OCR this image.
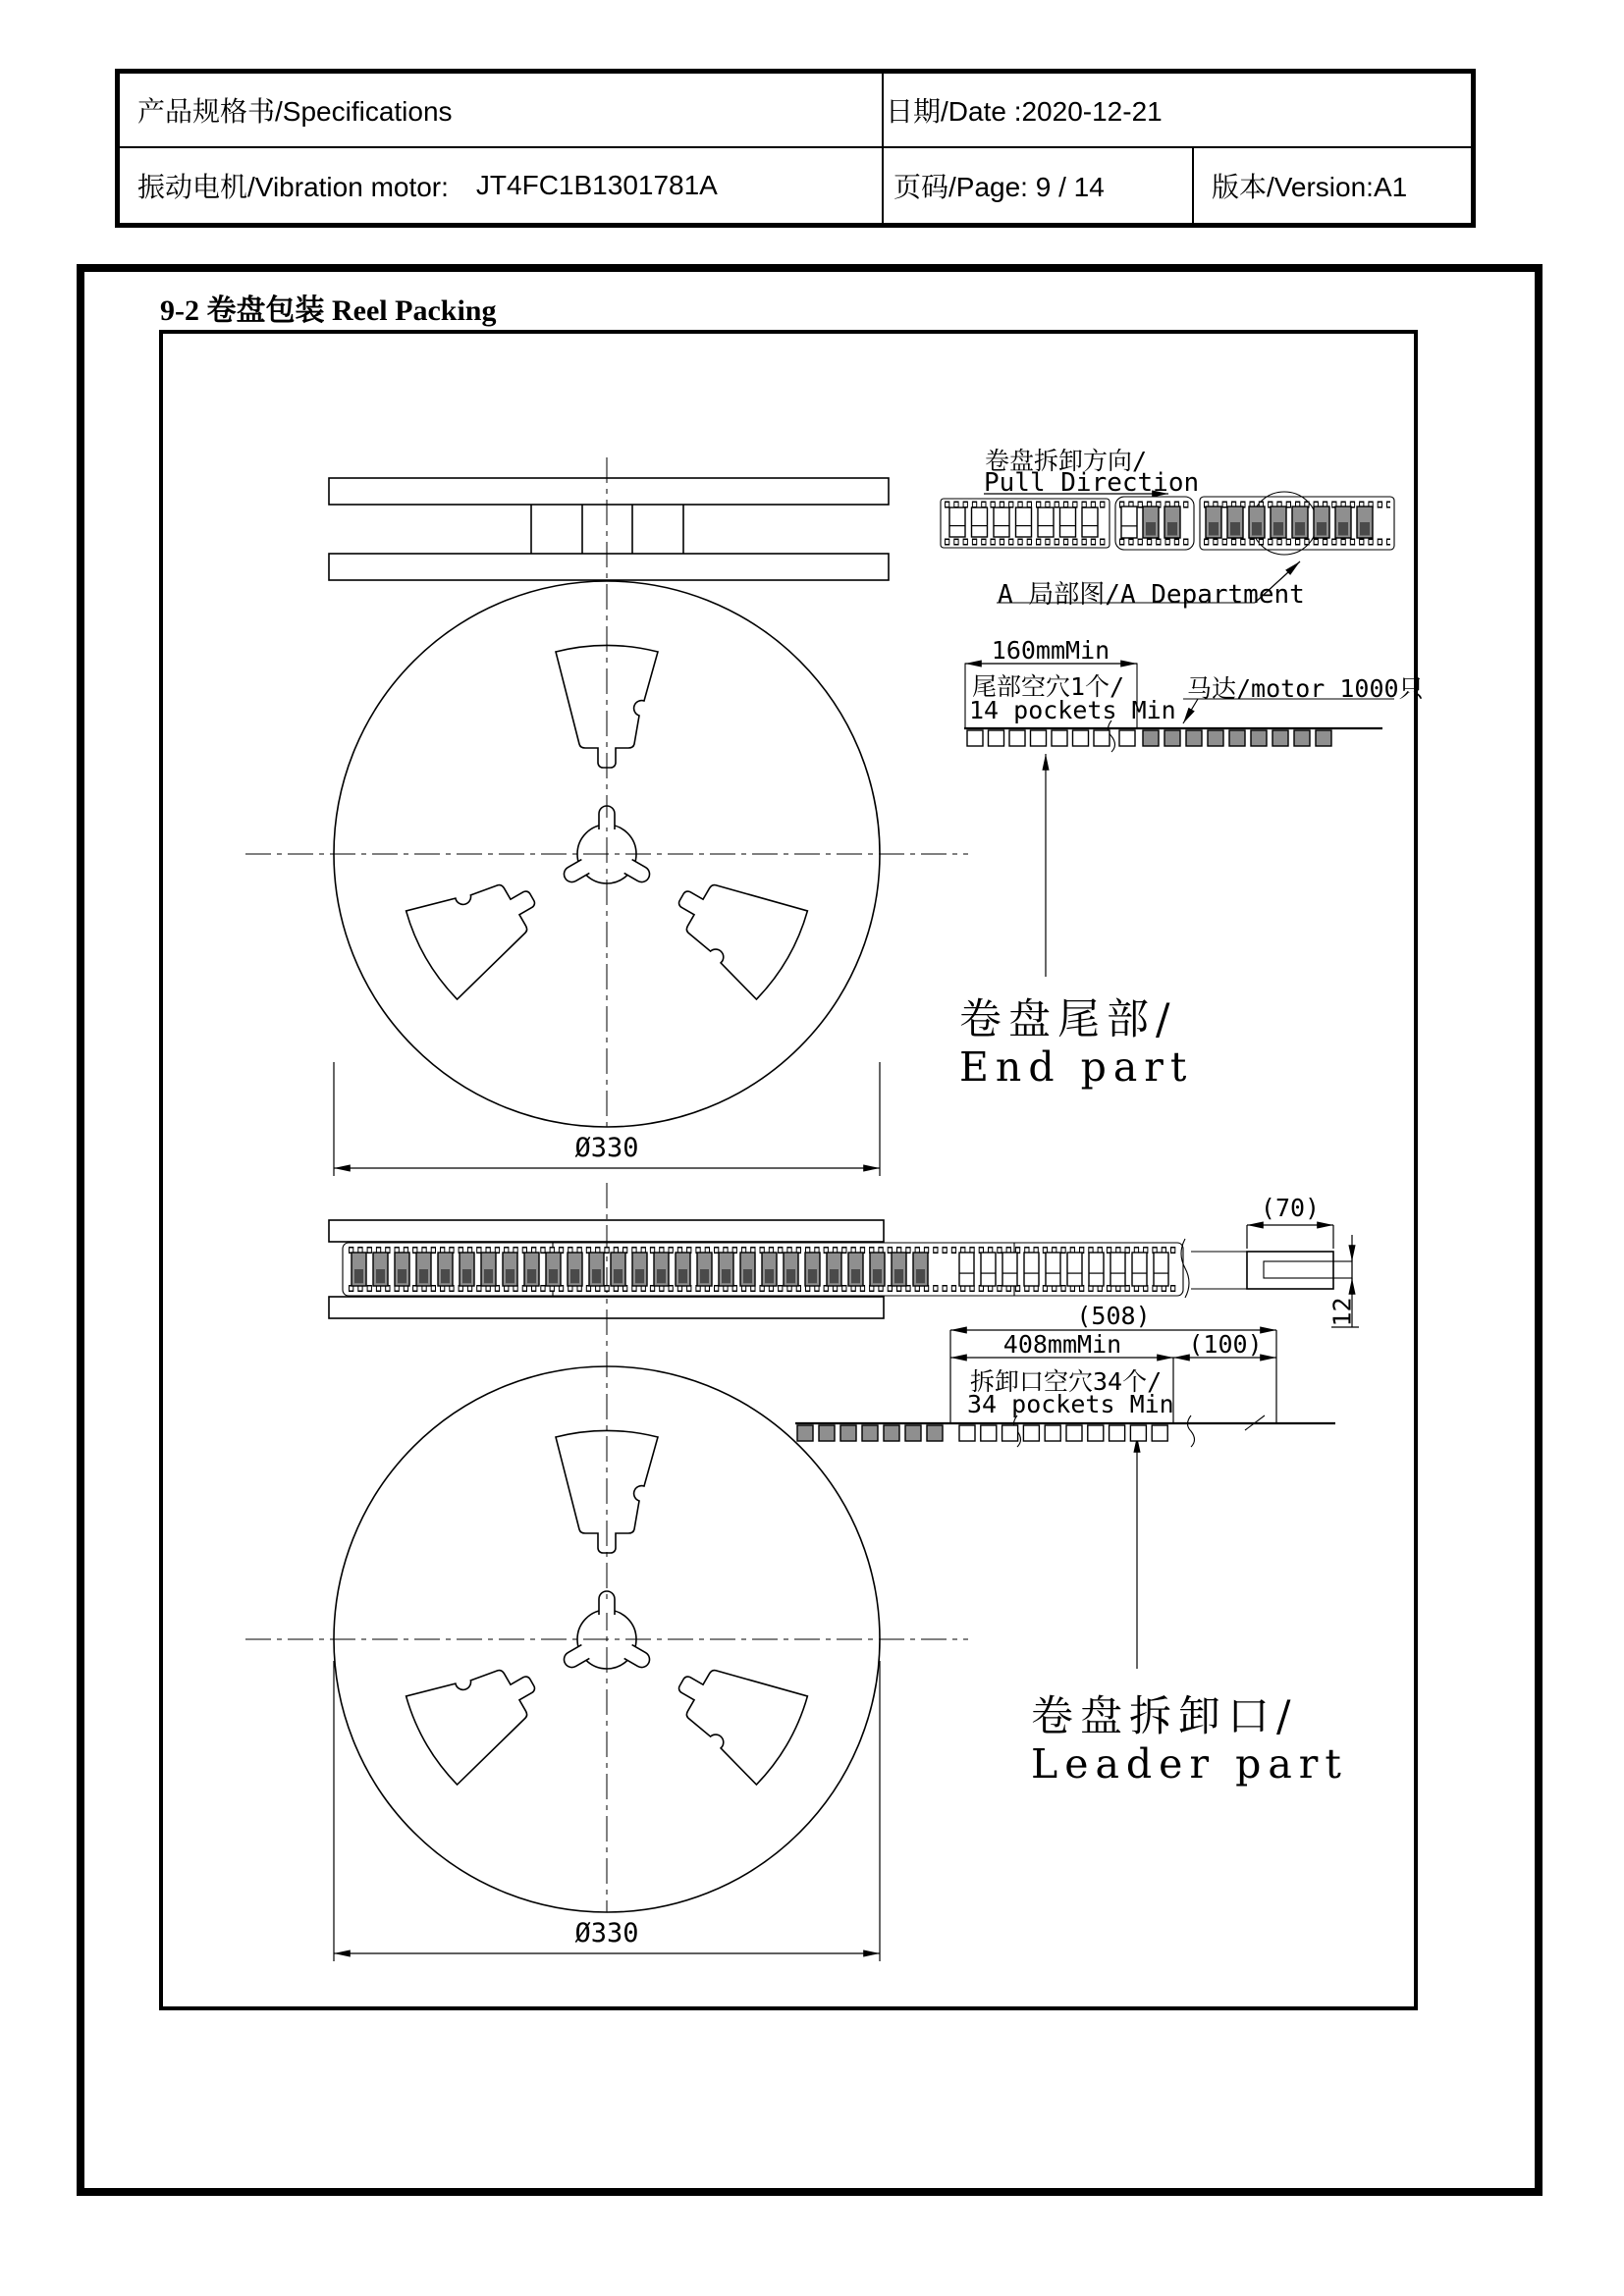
产品规格书/Specifications	日期/Date :2020-12-21
振动电机/Vibration motor: JT4FC1B1301781A	页码/Page: 9 / 14	版本/Version:A1
9-2 卷盘包装 Reel Packing
卷盘拆卸方向/
Pull Direction
A 局部图/A Department
160mmMin
尾部空穴1个/
14 pockets Min
马达/motor 1000只
卷盘尾部/
End part
Ø330
(70)
12
(508)
408mmMin	(100)
拆卸口空穴34个/
34 pockets Min
卷盘拆卸口/
Leader part
Ø330
